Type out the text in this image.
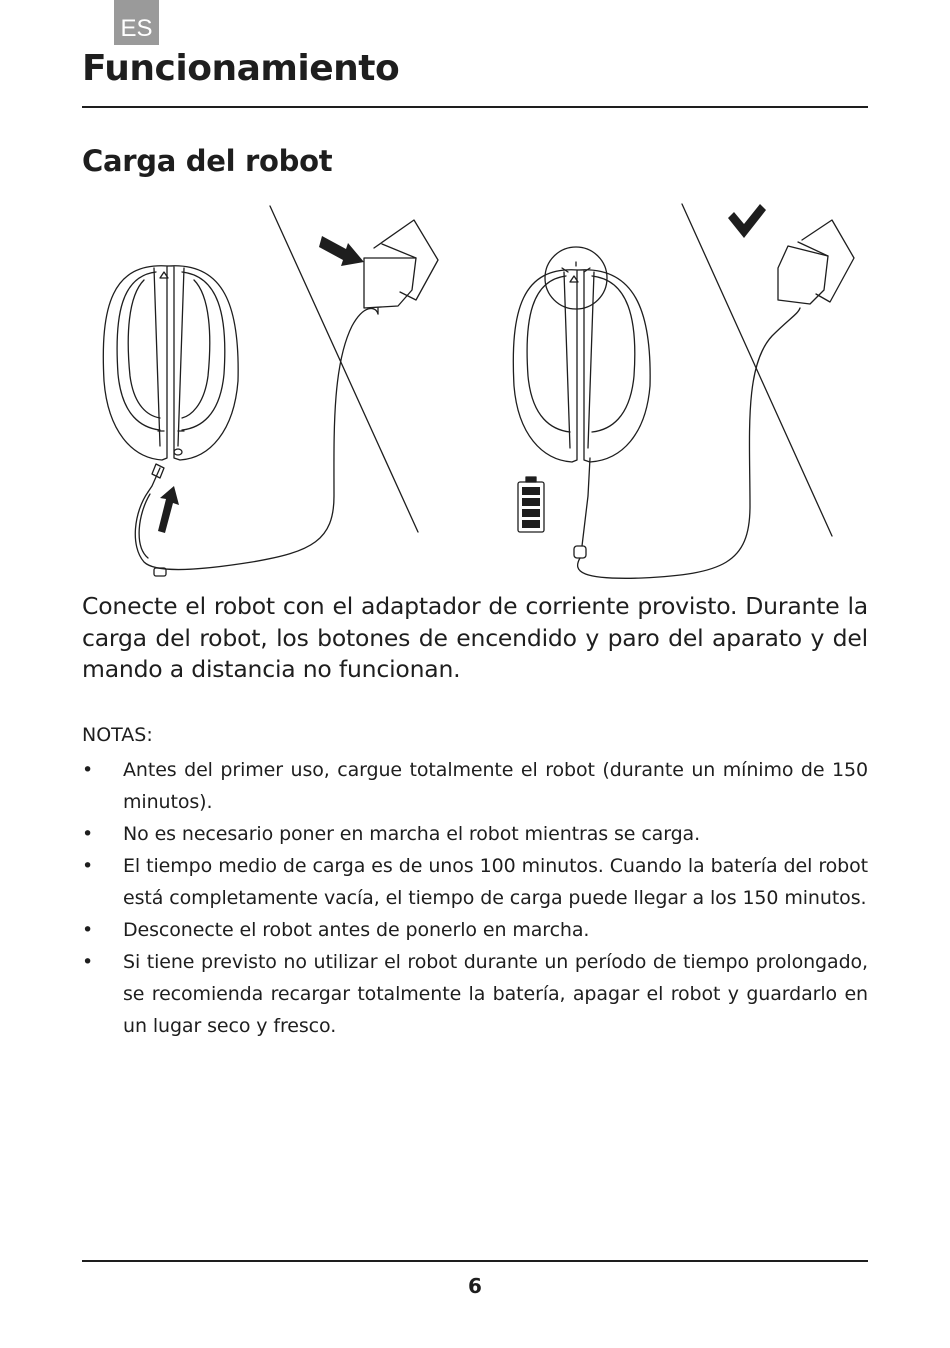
ES
Funcionamiento
Carga del robot

Conecte el robot con el adaptador de corriente provisto. Durante la carga del robot, los botones de encendido y paro del aparato y del mando a distancia no funcionan.

NOTAS:

• Antes del primer uso, cargue totalmente el robot (durante un mínimo de 150 minutos).
• No es necesario poner en marcha el robot mientras se carga.
• El tiempo medio de carga es de unos 100 minutos. Cuando la batería del robot está completamente vacía, el tiempo de carga puede llegar a los 150 minutos.
• Desconecte el robot antes de ponerlo en marcha.
• Si tiene previsto no utilizar el robot durante un período de tiempo prolongado, se recomienda recargar totalmente la batería, apagar el robot y guardarlo en un lugar seco y fresco.
6
